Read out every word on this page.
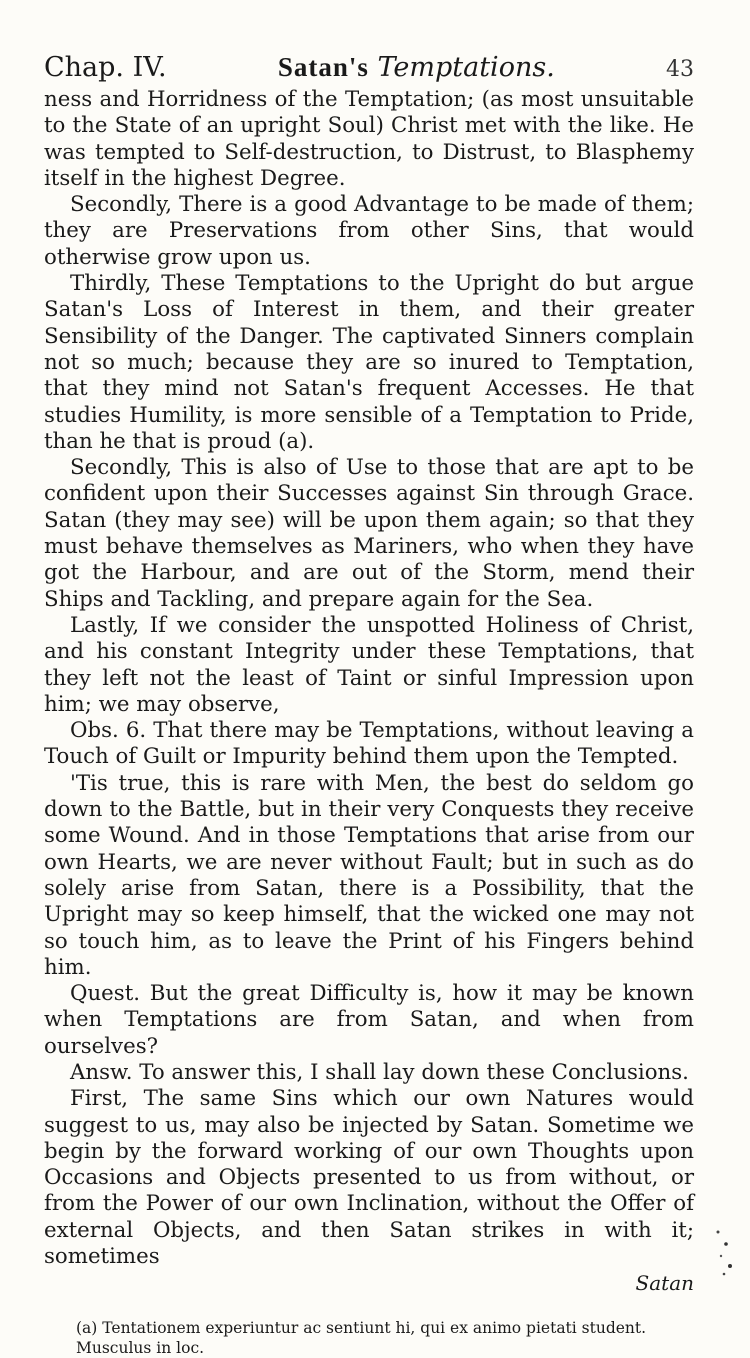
Chap. IV.	Satan's Temptations.	43

ness and Horridness of the Temptation; (as most unsuitable to the State of an upright Soul) Christ met with the like. He was tempted to Self-destruction, to Distrust, to Blasphemy itself in the highest Degree.

Secondly, There is a good Advantage to be made of them; they are Preservations from other Sins, that would otherwise grow upon us.

Thirdly, These Temptations to the Upright do but argue Satan's Loss of Interest in them, and their greater Sensibility of the Danger. The captivated Sinners complain not so much; because they are so inured to Temptation, that they mind not Satan's frequent Accesses. He that studies Humility, is more sensible of a Temptation to Pride, than he that is proud (a).

Secondly, This is also of Use to those that are apt to be confident upon their Successes against Sin through Grace. Satan (they may see) will be upon them again; so that they must behave themselves as Mariners, who when they have got the Harbour, and are out of the Storm, mend their Ships and Tackling, and prepare again for the Sea.

Lastly, If we consider the unspotted Holiness of Christ, and his constant Integrity under these Temptations, that they left not the least of Taint or sinful Impression upon him; we may observe,

Obs. 6. That there may be Temptations, without leaving a Touch of Guilt or Impurity behind them upon the Tempted.

'Tis true, this is rare with Men, the best do seldom go down to the Battle, but in their very Conquests they receive some Wound. And in those Temptations that arise from our own Hearts, we are never without Fault; but in such as do solely arise from Satan, there is a Possibility, that the Upright may so keep himself, that the wicked one may not so touch him, as to leave the Print of his Fingers behind him.

Quest. But the great Difficulty is, how it may be known when Temptations are from Satan, and when from ourselves?

Answ. To answer this, I shall lay down these Conclusions.

First, The same Sins which our own Natures would suggest to us, may also be injected by Satan. Sometime we begin by the forward working of our own Thoughts upon Occasions and Objects presented to us from without, or from the Power of our own Inclination, without the Offer of external Objects, and then Satan strikes in with it; sometimes

Satan
(a) Tentationem experiuntur ac sentiunt hi, qui ex animo pietati student.
Musculus in loc.
